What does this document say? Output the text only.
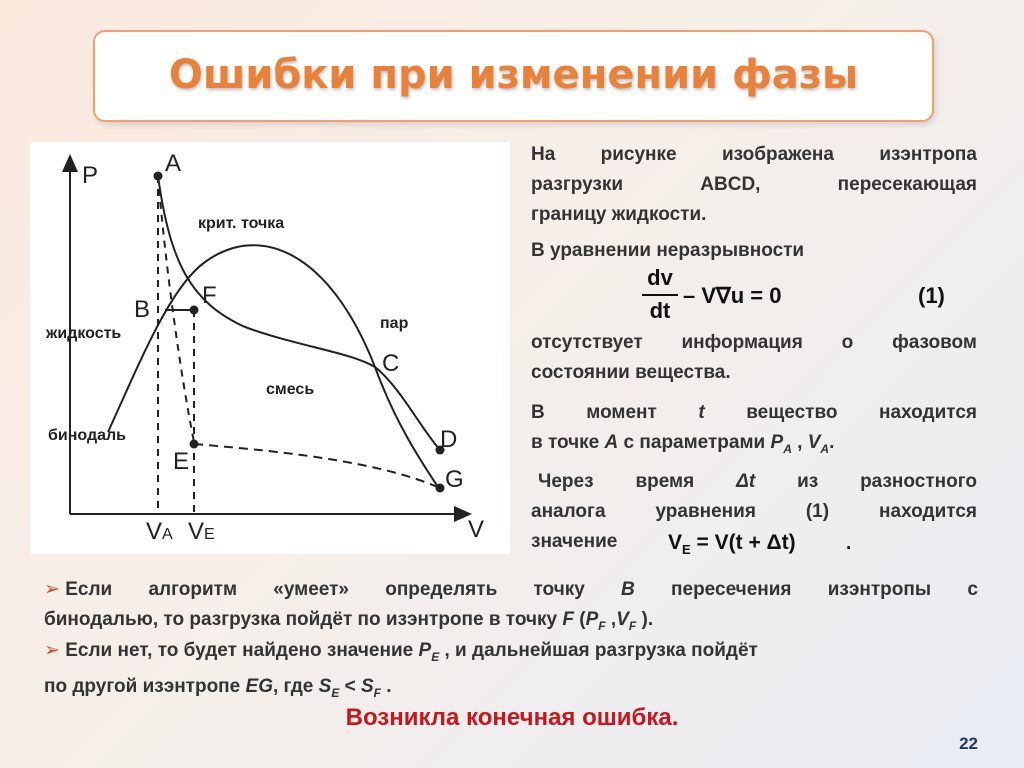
Ошибки при изменении фазы
P
V
A
B
F
C
D
E
G
крит. точка
жидкость
пар
смесь
бинодаль
VA VE
На рисунке изображена изэнтропа
разгрузки	ABCD,	пересекающая
границу жидкости.
В уравнении неразрывности
dv
dt
– V∇u = 0	(1)
отсутствует информация о фазовом
состоянии вещества.
В момент t вещество находится
в точке A с параметрами $P_A$ , $V_A$.
Через время Δt из разностного
аналога	уравнения	(1)	находится
значение	$V_E = V(t + \Delta t)$	.
➢ Если алгоритм «умеет» определять точку B пересечения изэнтропы с
бинодалью, то разгрузка пойдёт по изэнтропе в точку F ($P_F$ $,V_F$ ).
➢ Если нет, то будет найдено значение $P_E$ , и дальнейшая разгрузка пойдёт
по другой изэнтропе EG, где $S_E < S_F$ .
Возникла конечная ошибка.
22
